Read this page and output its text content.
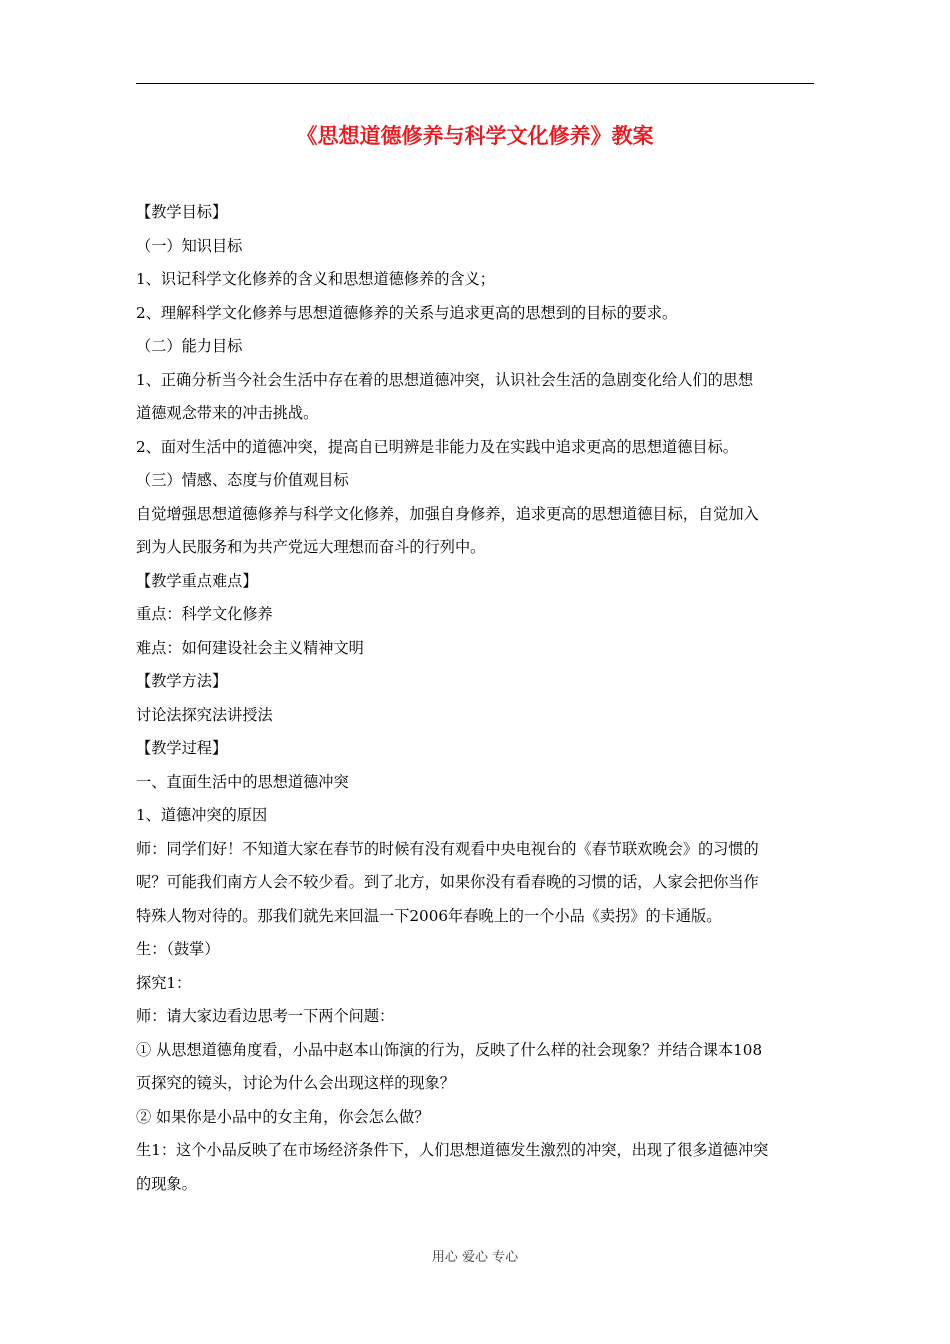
《思想道德修养与科学文化修养》教案
【教学目标】
（一）知识目标
1、识记科学文化修养的含义和思想道德修养的含义；
2、理解科学文化修养与思想道德修养的关系与追求更高的思想到的目标的要求。
（二）能力目标
1、正确分析当今社会生活中存在着的思想道德冲突，认识社会生活的急剧变化给人们的思想
道德观念带来的冲击挑战。
2、面对生活中的道德冲突，提高自已明辨是非能力及在实践中追求更高的思想道德目标。
（三）情感、态度与价值观目标
自觉增强思想道德修养与科学文化修养，加强自身修养，追求更高的思想道德目标，自觉加入
到为人民服务和为共产党远大理想而奋斗的行列中。
【教学重点难点】
重点：科学文化修养
难点：如何建设社会主义精神文明
【教学方法】
讨论法探究法讲授法
【教学过程】
一、直面生活中的思想道德冲突
1、道德冲突的原因
师：同学们好！不知道大家在春节的时候有没有观看中央电视台的《春节联欢晚会》的习惯的
呢？可能我们南方人会不较少看。到了北方，如果你没有看春晚的习惯的话，人家会把你当作
特殊人物对待的。那我们就先来回温一下2006年春晚上的一个小品《卖拐》的卡通版。
生：（鼓掌）
探究1：
师：请大家边看边思考一下两个问题：
① 从思想道德角度看，小品中赵本山饰演的行为，反映了什么样的社会现象？并结合课本108
页探究的镜头，讨论为什么会出现这样的现象？
② 如果你是小品中的女主角，你会怎么做？
生1：这个小品反映了在市场经济条件下，人们思想道德发生激烈的冲突，出现了很多道德冲突
的现象。
用心 爱心 专心
